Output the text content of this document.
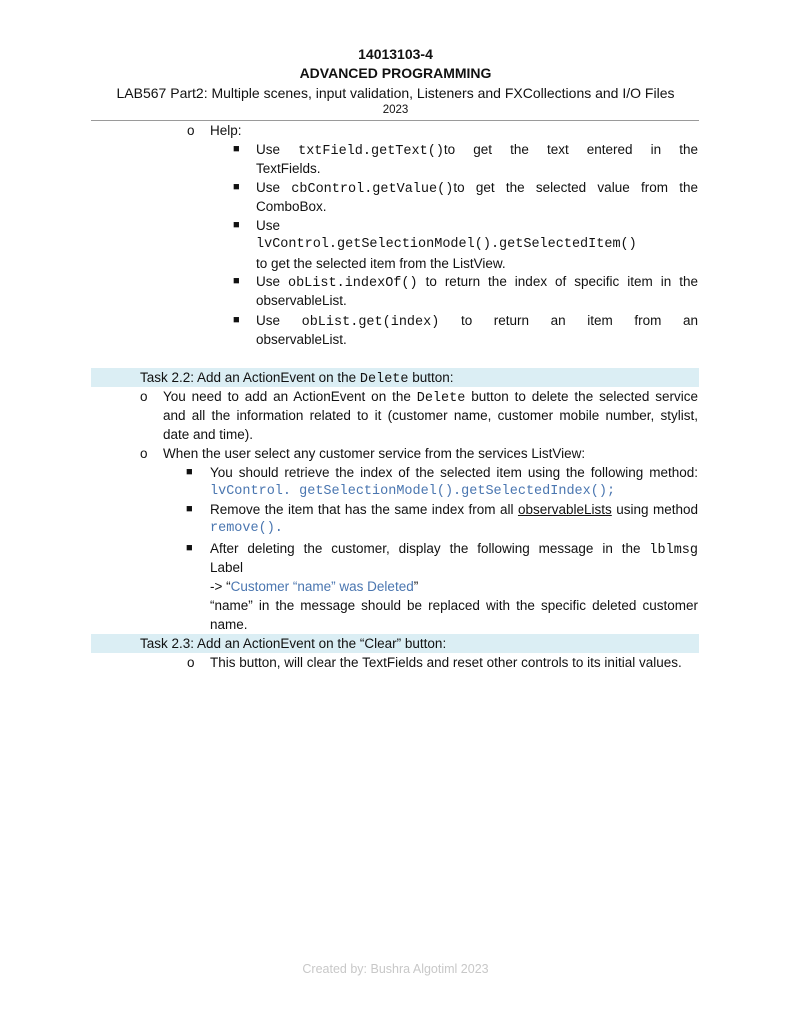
14013103-4
ADVANCED PROGRAMMING
LAB567 Part2: Multiple scenes, input validation, Listeners and FXCollections and I/O Files
2023
o Help:
■ Use txtField.getText()to get the text entered in the
TextFields.
■ Use cbControl.getValue()to get the selected value from the
ComboBox.
■ Use
lvControl.getSelectionModel().getSelectedItem()
to get the selected item from the ListView.
■ Use obList.indexOf() to return the index of specific item in the
observableList.
■ Use obList.get(index) to return an item from an
observableList.
Task 2.2: Add an ActionEvent on the Delete button:
o You need to add an ActionEvent on the Delete button to delete the selected service
and all the information related to it (customer name, customer mobile number, stylist,
date and time).
o When the user select any customer service from the services ListView:
■ You should retrieve the index of the selected item using the following method:
lvControl. getSelectionModel().getSelectedIndex();
■ Remove the item that has the same index from all observableLists using method
remove().
■ After deleting the customer, display the following message in the lblmsg
Label
-> “Customer “name” was Deleted”
“name” in the message should be replaced with the specific deleted customer
name.
Task 2.3: Add an ActionEvent on the “Clear” button:
o This button, will clear the TextFields and reset other controls to its initial values.
Created by: Bushra Algotiml 2023
